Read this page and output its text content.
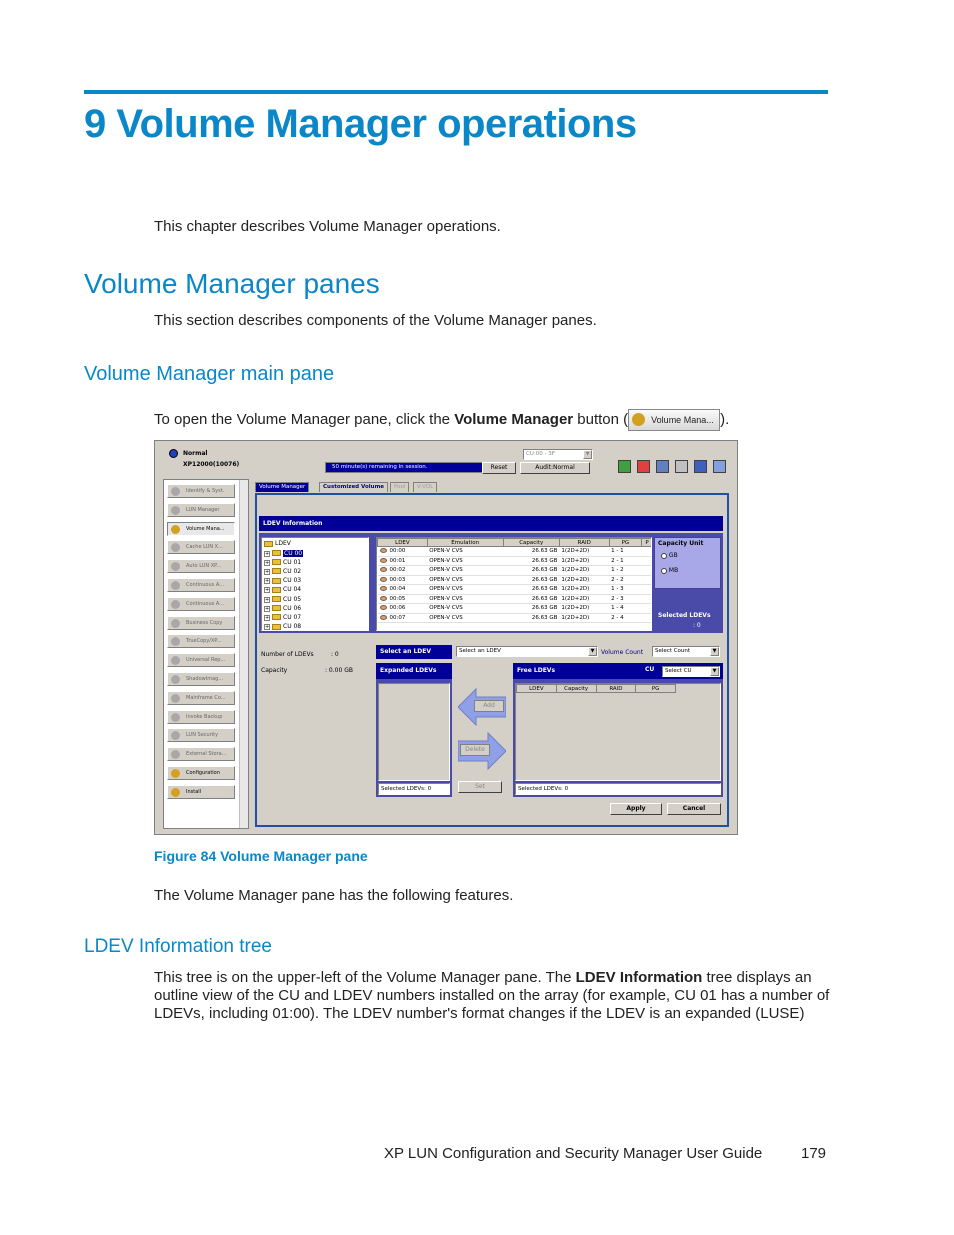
9 Volume Manager operations
This chapter describes Volume Manager operations.
Volume Manager panes
This section describes components of the Volume Manager panes.
Volume Manager main pane
To open the Volume Manager pane, click the Volume Manager button (	Volume Mana... ).
Normal
XP12000(10076)	50 minute(s) remaining in session.	Reset	Audit:Normal
CU:00 - 3F	▼
Identify & Syst.
LUN Manager
Volume Mana...
Cache LUN X...
Auto LUN XP...
Continuous A...
Continuous A...
Business Copy
TrueCopy/XP...
Universal Rep...
ShadowImag...
Mainframe Co...
Invoke Backup
LUN Security
External Stora...
Configuration
Install
Volume Manager	Customized Volume	Pool	V-VOL
LDEV Information
LDEV
+ CU 00
+ CU 01
+ CU 02
+ CU 03
+ CU 04
+ CU 05
+ CU 06
+ CU 07
+ CU 08
LDEV	Emulation	Capacity	RAID	PG	P
00:00	OPEN-V CVS	26.63 GB	1(2D+2D)	1 - 1	
00:01	OPEN-V CVS	26.63 GB	1(2D+2D)	2 - 1	
00:02	OPEN-V CVS	26.63 GB	1(2D+2D)	1 - 2	
00:03	OPEN-V CVS	26.63 GB	1(2D+2D)	2 - 2	
00:04	OPEN-V CVS	26.63 GB	1(2D+2D)	1 - 3	
00:05	OPEN-V CVS	26.63 GB	1(2D+2D)	2 - 3	
00:06	OPEN-V CVS	26.63 GB	1(2D+2D)	1 - 4	
00:07	OPEN-V CVS	26.63 GB	1(2D+2D)	2 - 4	
Capacity Unit
GB
MB
Selected LDEVs
: 0
Number of LDEVs	: 0
Capacity	: 0.00 GB
Select an LDEV	Select an LDEV	▼	Volume Count	Select Count	▼
Expanded LDEVs
Selected LDEVs: 0
Add
Delete
Set
Free LDEVs	CU	Select CU	▼
LDEV	Capacity	RAID	PG
Selected LDEVs: 0
Apply	Cancel
Figure 84 Volume Manager pane
The Volume Manager pane has the following features.
LDEV Information tree
This tree is on the upper-left of the Volume Manager pane. The LDEV Information tree displays an outline view of the CU and LDEV numbers installed on the array (for example, CU 01 has a number of LDEVs, including 01:00). The LDEV number's format changes if the LDEV is an expanded (LUSE)
XP LUN Configuration and Security Manager User Guide	179
